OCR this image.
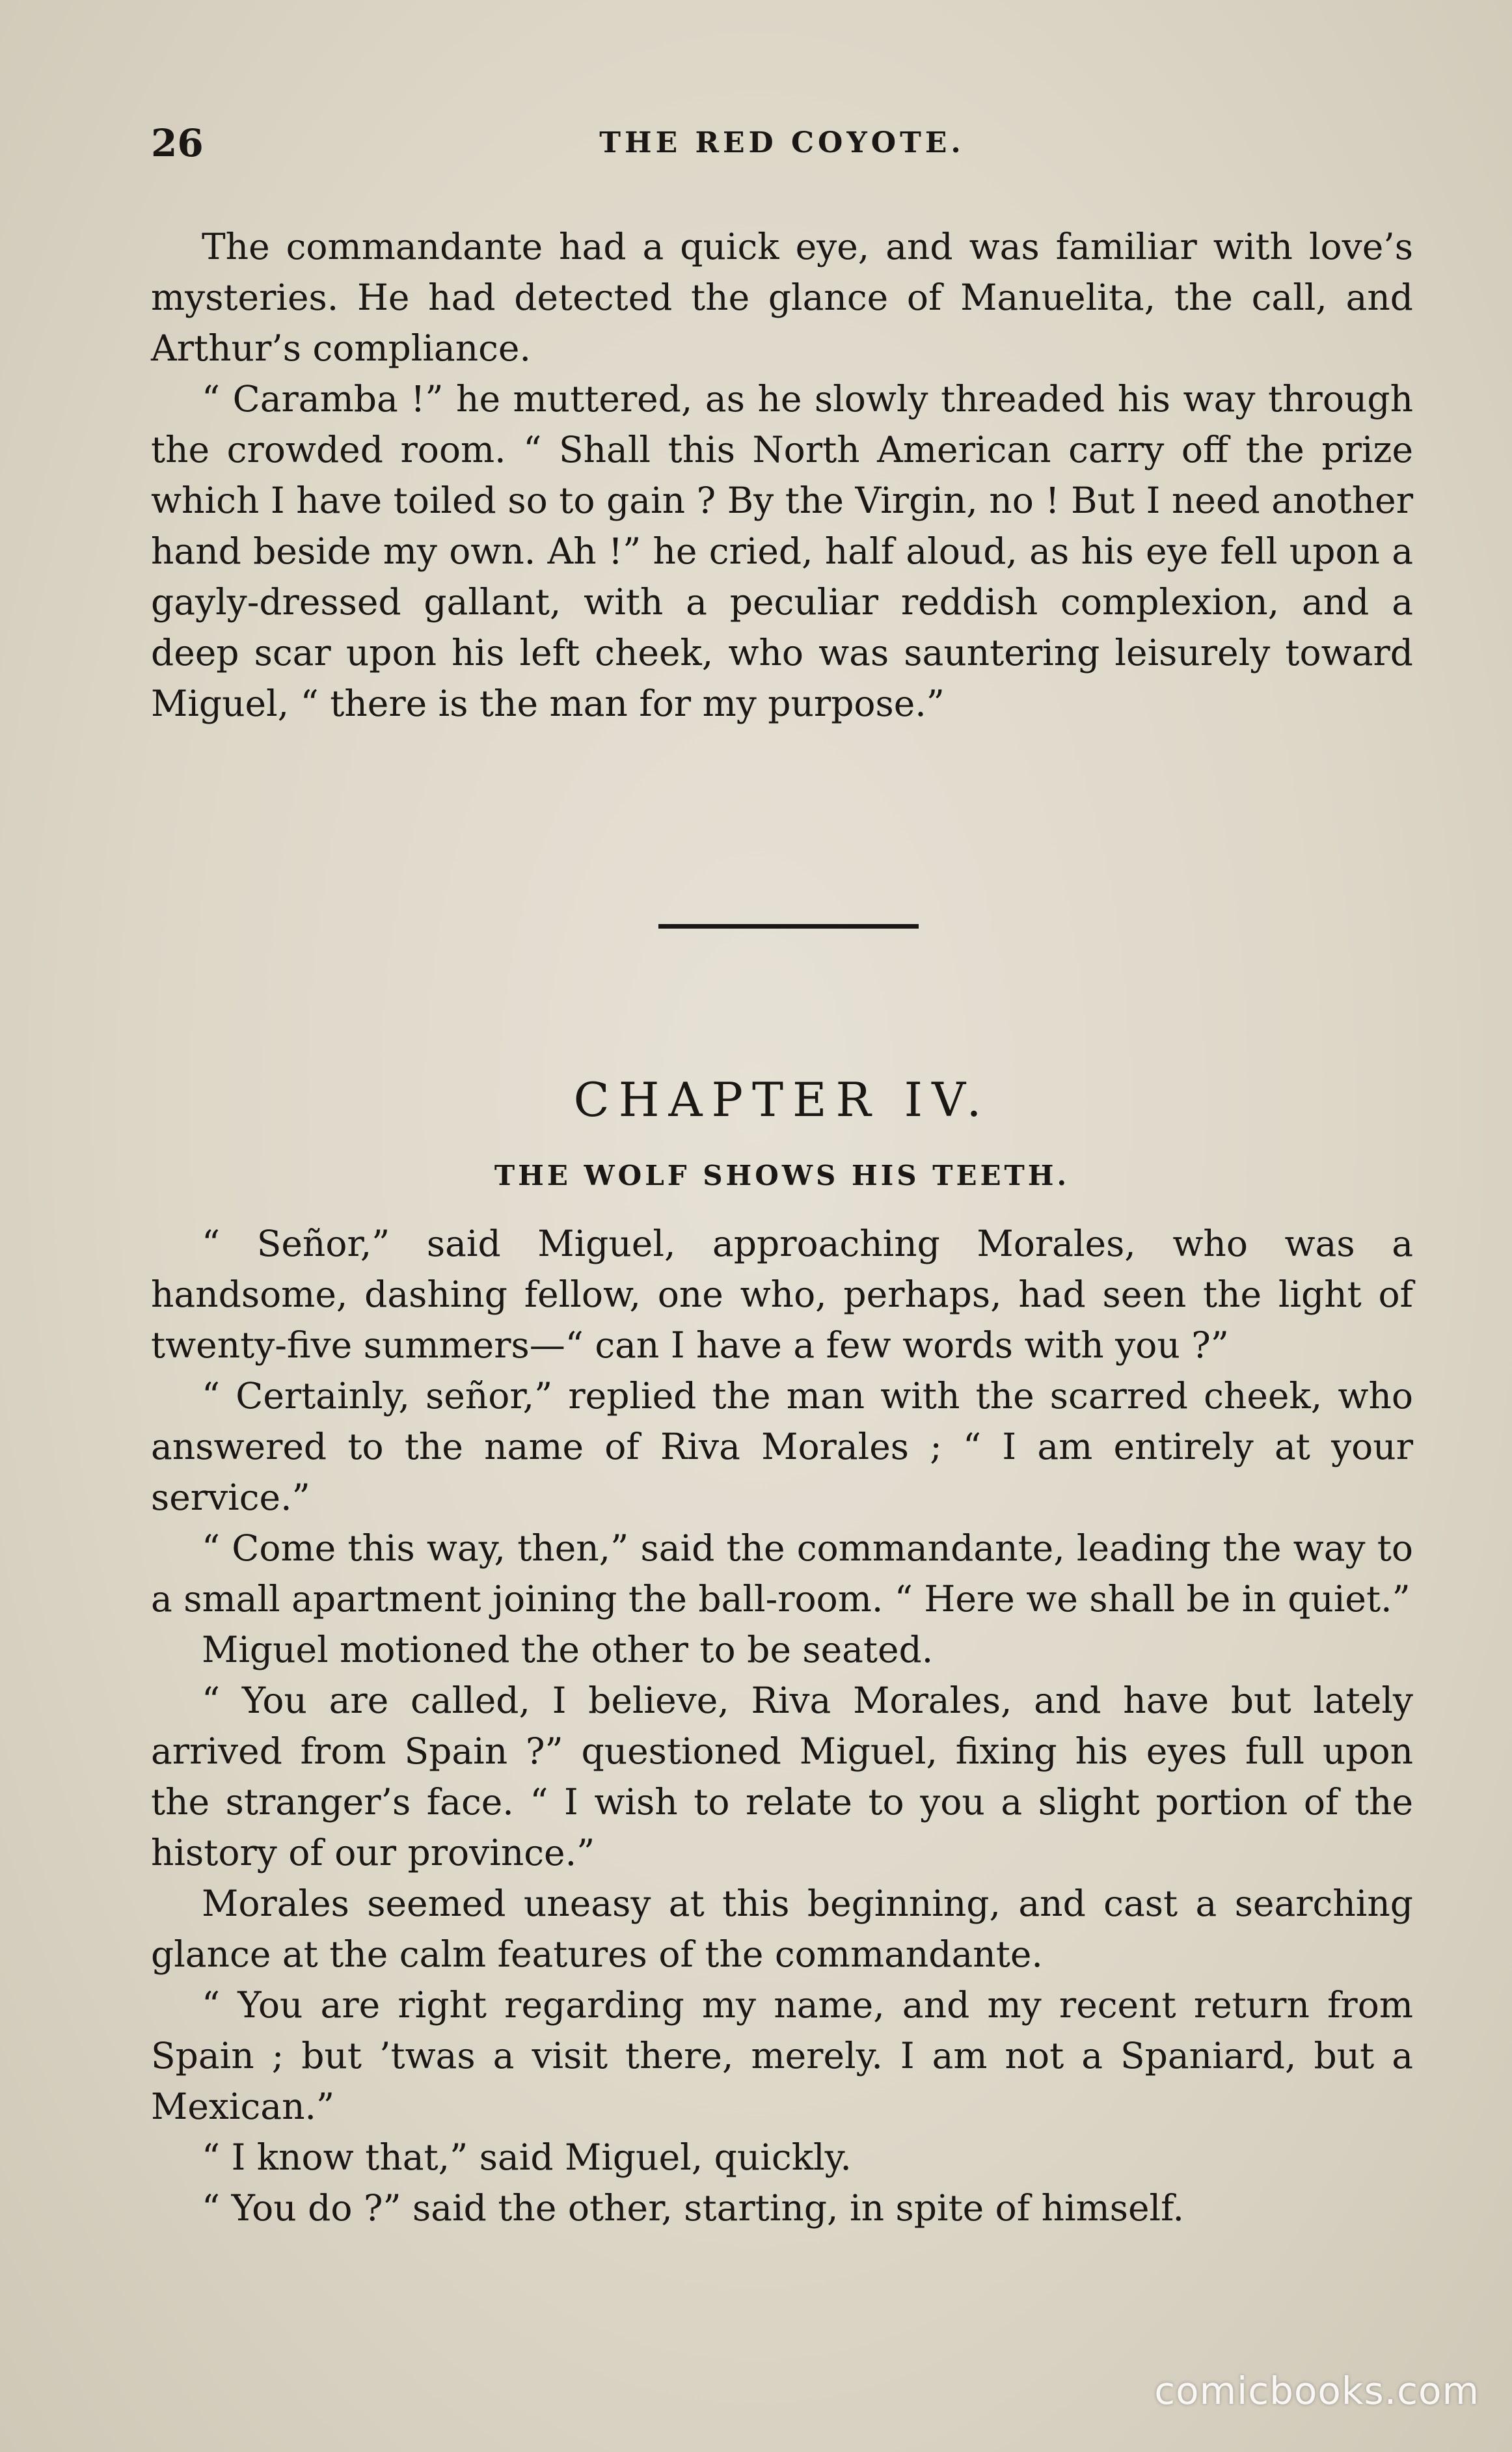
26	THE RED COYOTE.

The commandante had a quick eye, and was familiar with love’s mysteries. He had detected the glance of Manuelita, the call, and Arthur’s compliance.

“ Caramba !” he muttered, as he slowly threaded his way through the crowded room. “ Shall this North American carry off the prize which I have toiled so to gain ? By the Virgin, no ! But I need another hand beside my own. Ah !” he cried, half aloud, as his eye fell upon a gayly-dressed gallant, with a peculiar reddish complexion, and a deep scar upon his left cheek, who was sauntering leisurely toward Miguel, “ there is the man for my purpose.”

CHAPTER IV.
THE WOLF SHOWS HIS TEETH.

“ Señor,” said Miguel, approaching Morales, who was a handsome, dashing fellow, one who, perhaps, had seen the light of twenty-five summers—“ can I have a few words with you ?”

“ Certainly, señor,” replied the man with the scarred cheek, who answered to the name of Riva Morales ; “ I am entirely at your service.”

“ Come this way, then,” said the commandante, leading the way to a small apartment joining the ball-room. “ Here we shall be in quiet.”

Miguel motioned the other to be seated.

“ You are called, I believe, Riva Morales, and have but lately arrived from Spain ?” questioned Miguel, fixing his eyes full upon the stranger’s face. “ I wish to relate to you a slight portion of the history of our province.”

Morales seemed uneasy at this beginning, and cast a searching glance at the calm features of the commandante.

“ You are right regarding my name, and my recent return from Spain ; but ’twas a visit there, merely. I am not a Spaniard, but a Mexican.”

“ I know that,” said Miguel, quickly.

“ You do ?” said the other, starting, in spite of himself.

comicbooks.com
